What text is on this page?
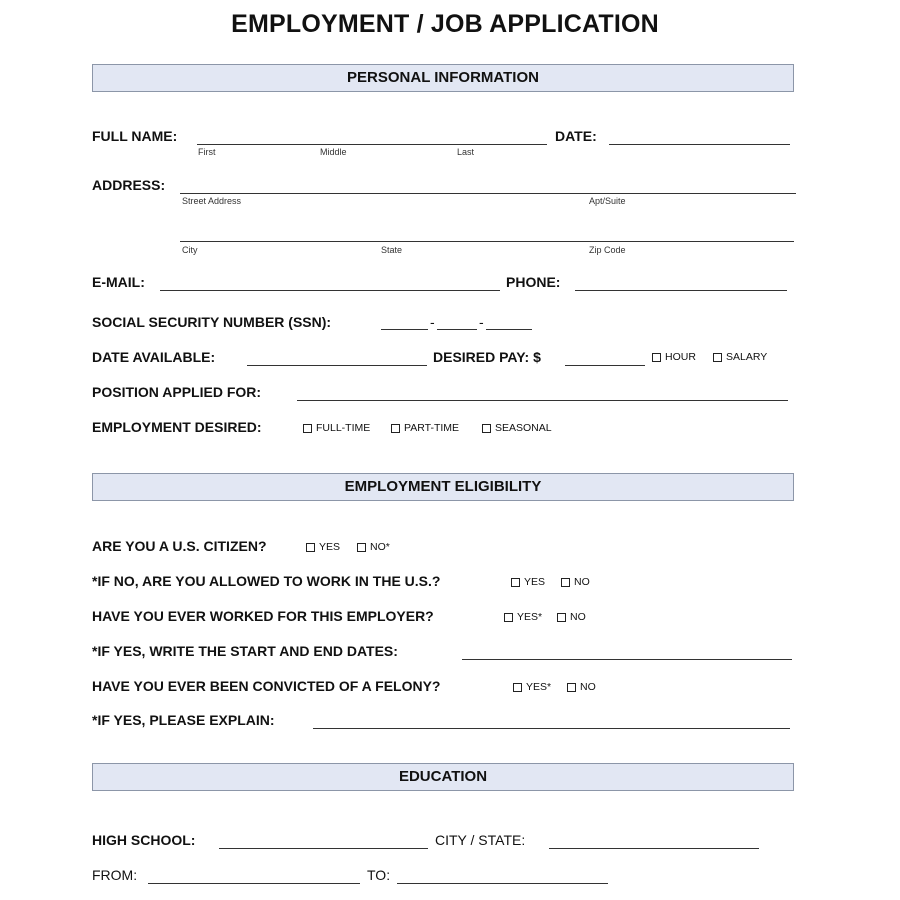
EMPLOYMENT / JOB APPLICATION
PERSONAL INFORMATION
FULL NAME:
First	Middle	Last
DATE:
ADDRESS:
Street Address	Apt/Suite
City	State	Zip Code
E-MAIL:	PHONE:
SOCIAL SECURITY NUMBER (SSN):	-	-
DATE AVAILABLE:	DESIRED PAY: $	HOUR	SALARY
POSITION APPLIED FOR:
EMPLOYMENT DESIRED:	FULL-TIME	PART-TIME	SEASONAL
EMPLOYMENT ELIGIBILITY
ARE YOU A U.S. CITIZEN?	YES	NO*
*IF NO, ARE YOU ALLOWED TO WORK IN THE U.S.?	YES	NO
HAVE YOU EVER WORKED FOR THIS EMPLOYER?	YES*	NO
*IF YES, WRITE THE START AND END DATES:
HAVE YOU EVER BEEN CONVICTED OF A FELONY?	YES*	NO
*IF YES, PLEASE EXPLAIN:
EDUCATION
HIGH SCHOOL:	CITY / STATE:
FROM:	TO:
